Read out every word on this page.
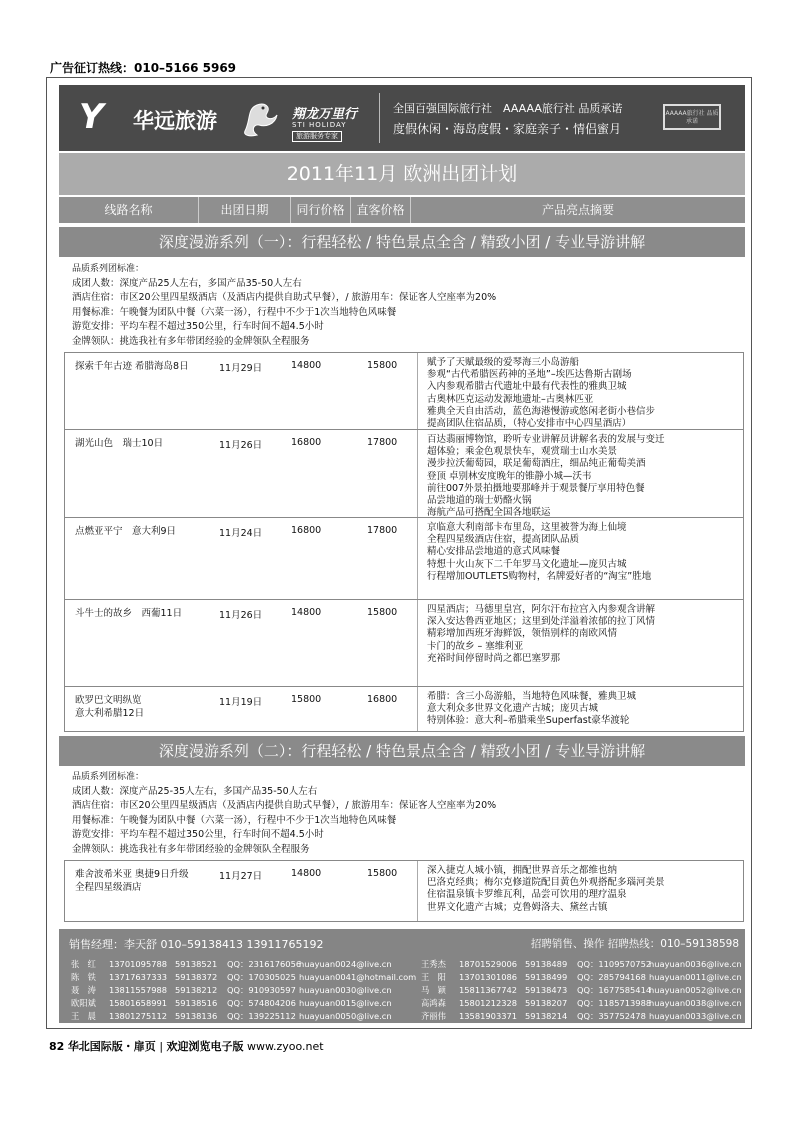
广告征订热线：010–5166 5969
Y 华远旅游	翔龙万里行
STI HOLIDAY
旅游服务专家
全国百强国际旅行社　AAAAA旅行社 品质承诺
度假休闲・海岛度假・家庭亲子・情侣蜜月
AAAAA旅行社 品质承诺
2011年11月 欧洲出团计划
线路名称	出团日期	同行价格 直客价格	产品亮点摘要
深度漫游系列（一）：行程轻松 / 特色景点全含 / 精致小团 / 专业导游讲解
品质系列团标准：
成团人数：深度产品25人左右，多国产品35-50人左右
酒店住宿：市区20公里四星级酒店（及酒店内提供自助式早餐），/ 旅游用车：保证客人空座率为20%
用餐标准：午晚餐为团队中餐（六菜一汤），行程中不少于1次当地特色风味餐
游览安排：平均车程不超过350公里，行车时间不超4.5小时
金牌领队：挑选我社有多年带团经验的金牌领队全程服务
探索千年古迹 希腊海岛8日	11月29日	14800	15800	赋予了天赋最级的爱琴海三小岛游船
参观“古代希腊医药神的圣地”–埃匹达鲁斯古剧场
入内参观希腊古代遗址中最有代表性的雅典卫城
古奥林匹克运动发源地遗址–古奥林匹亚
雅典全天自由活动，蓝色海港慢游或悠闲老街小巷信步
提高团队住宿品质，（特心安排市中心四星酒店）
湖光山色　瑞士10日	11月26日	16800	17800	百达翡丽博物馆，聆听专业讲解员讲解名表的发展与变迁
超体验；乘金色观景快车，观赏瑞士山水美景
漫步拉沃葡萄园，联足葡萄酒庄，细品纯正葡萄美酒
登顶 卓别林安度晚年的锥静小城—沃韦
前往007外景拍摄地要那峰并于观景餐厅享用特色餐
品尝地道的瑞士奶酪火锅
海航产品可搭配全国各地联运
点燃亚平宁　意大利9日	11月24日	16800	17800	京临意大利南部卡布里岛，这里被誉为海上仙境
全程四星级酒店住宿，提高团队品质
精心安排品尝地道的意式风味餐
特想十火山灰下二千年罗马文化遗址—庞贝古城
行程增加OUTLETS购物村，名牌爱好者的“淘宝”胜地
斗牛士的故乡　西葡11日	11月26日	14800	15800	四星酒店；马德里皇宫，阿尔汗布拉宫入内参观含讲解
深入安达鲁西亚地区；这里到处洋溢着浓郁的拉丁风情
精彩增加西班牙海鲜饭，领悟别样的南欧风情
卡门的故乡 – 塞维利亚
充裕时间停留时尚之都巴塞罗那
欧罗巴文明纵览
意大利希腊12日
11月19日	15800	16800	希腊：含三小岛游船，当地特色风味餐，雅典卫城
意大利众多世界文化遗产古城；庞贝古城
特别体验：意大利–希腊乘坐Superfast豪华渡轮
深度漫游系列（二）：行程轻松 / 特色景点全含 / 精致小团 / 专业导游讲解
品质系列团标准：
成团人数：深度产品25-35人左右，多国产品35-50人左右
酒店住宿：市区20公里四星级酒店（及酒店内提供自助式早餐），/ 旅游用车：保证客人空座率为20%
用餐标准：午晚餐为团队中餐（六菜一汤），行程中不少于1次当地特色风味餐
游览安排：平均车程不超过350公里，行车时间不超4.5小时
金牌领队：挑选我社有多年带团经验的金牌领队全程服务
难舍波希米亚 奥捷9日升级
全程四星级酒店
11月27日	14800	15800	深入捷克人城小镇，拥配世界音乐之都维也纳
巴洛克经典；梅尔克修道院配目黄色外观搭配多瑙河美景
住宿温泉镇卡罗维瓦利，品尝可饮用的理疗温泉
世界文化遗产古城；克鲁姆洛夫、黛丝古镇
销售经理：李天舒 010–59138413 13911765192	招聘销售、操作 招聘热线：010–59138598
张　红 13701095788 59138521 QQ：2316176056huayuan0024@live.cn
陈　铁 13717637333 59138372 QQ：170305025 huayuan0041@hotmail.com
聂　涛 13811557988 59138212 QQ：910930597 huayuan0030@live.cn
欧阳斌 15801658991 59138516 QQ：574804206 huayuan0015@live.cn
王　晨 13801275112 59138136 QQ：139225112 huayuan0050@live.cn
王秀杰 18701529006 59138489 QQ：1109570752huayuan0036@live.cn
王　阳 13701301086 59138499 QQ：285794168 huayuan0011@live.cn
马　颖 15811367742 59138473 QQ：1677585414huayuan0052@live.cn
高鸿森 15801212328 59138207 QQ：1185713988huayuan0038@live.cn
齐丽伟 13581903371 59138214 QQ：357752478 huayuan0033@live.cn
82 华北国际版・扉页 | 欢迎浏览电子版 www.zyoo.net
